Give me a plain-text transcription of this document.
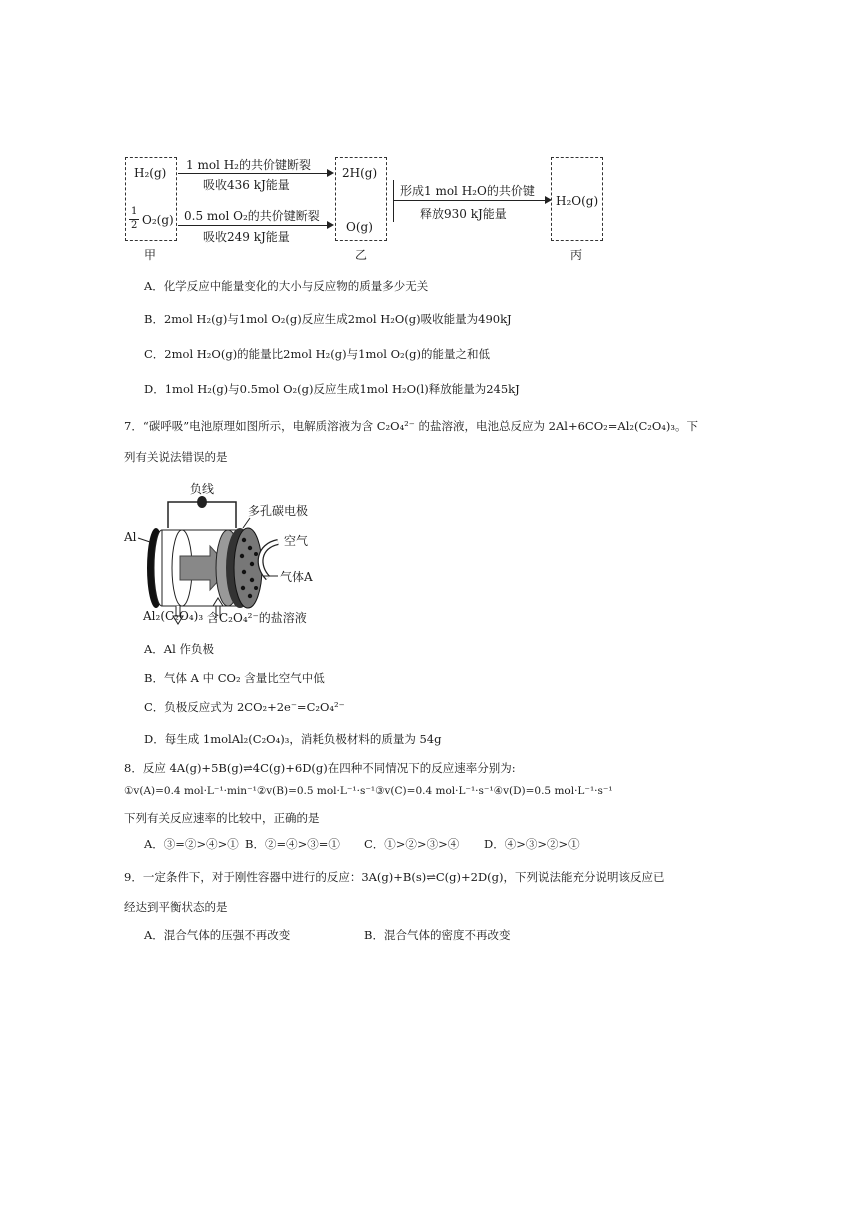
H₂(g)
1
2 O₂(g)
1 mol H₂的共价键断裂
吸收436 kJ能量
0.5 mol O₂的共价键断裂
吸收249 kJ能量
2H(g)
O(g)
形成1 mol H₂O的共价键
释放930 kJ能量
H₂O(g)
甲	乙	丙
A．化学反应中能量变化的大小与反应物的质量多少无关
B．2mol H₂(g)与1mol O₂(g)反应生成2mol H₂O(g)吸收能量为490kJ
C．2mol H₂O(g)的能量比2mol H₂(g)与1mol O₂(g)的能量之和低
D．1mol H₂(g)与0.5mol O₂(g)反应生成1mol H₂O(l)释放能量为245kJ
7．“碳呼吸”电池原理如图所示，电解质溶液为含 C₂O₄²⁻ 的盐溶液，电池总反应为 2Al+6CO₂=Al₂(C₂O₄)₃。下
列有关说法错误的是
负线
多孔碳电极
Al	空气
气体A
Al₂(C₂O₄)₃ 含C₂O₄²⁻的盐溶液
A．Al 作负极
B．气体 A 中 CO₂ 含量比空气中低
C．负极反应式为 2CO₂+2e⁻=C₂O₄²⁻
D．每生成 1molAl₂(C₂O₄)₃，消耗负极材料的质量为 54g
8．反应 4A(g)+5B(g)⇌4C(g)+6D(g)在四种不同情况下的反应速率分别为:
①v(A)=0.4 mol·L⁻¹·min⁻¹②v(B)=0.5 mol·L⁻¹·s⁻¹③v(C)=0.4 mol·L⁻¹·s⁻¹④v(D)=0.5 mol·L⁻¹·s⁻¹
下列有关反应速率的比较中，正确的是
A．③=②>④>① B．②=④>③=① C．①>②>③>④ D．④>③>②>①
9．一定条件下，对于刚性容器中进行的反应：3A(g)+B(s)⇌C(g)+2D(g)，下列说法能充分说明该反应已
经达到平衡状态的是
A．混合气体的压强不再改变	B．混合气体的密度不再改变
